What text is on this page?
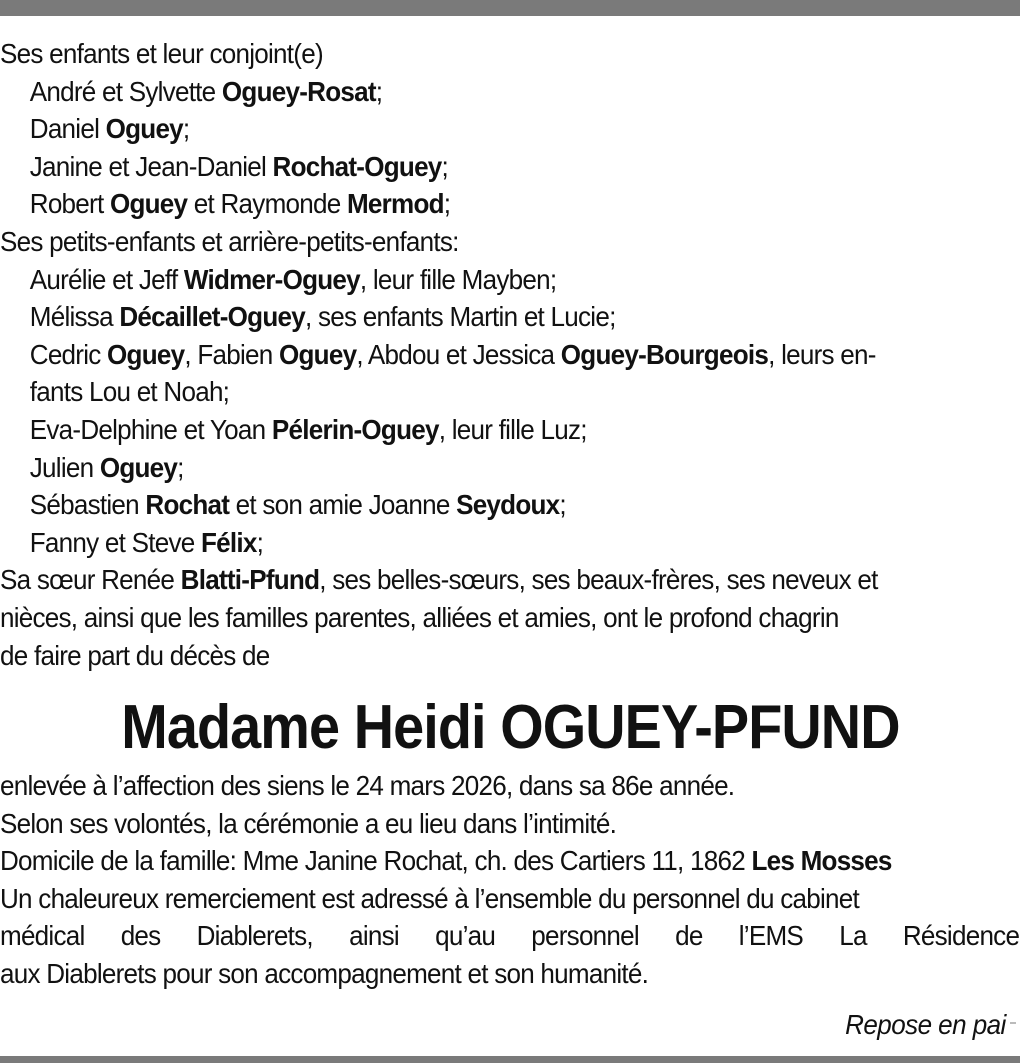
Ses enfants et leur conjoint(e)
André et Sylvette Oguey-Rosat;
Daniel Oguey;
Janine et Jean-Daniel Rochat-Oguey;
Robert Oguey et Raymonde Mermod;
Ses petits-enfants et arrière-petits-enfants:
Aurélie et Jeff Widmer-Oguey, leur fille Mayben;
Mélissa Décaillet-Oguey, ses enfants Martin et Lucie;
Cedric Oguey, Fabien Oguey, Abdou et Jessica Oguey-Bourgeois, leurs en-
fants Lou et Noah;
Eva-Delphine et Yoan Pélerin-Oguey, leur fille Luz;
Julien Oguey;
Sébastien Rochat et son amie Joanne Seydoux;
Fanny et Steve Félix;
Sa sœur Renée Blatti-Pfund, ses belles-sœurs, ses beaux-frères, ses neveux et
nièces, ainsi que les familles parentes, alliées et amies, ont le profond chagrin
de faire part du décès de
Madame Heidi OGUEY-PFUND
enlevée à l’affection des siens le 24 mars 2026, dans sa 86e année.
Selon ses volontés, la cérémonie a eu lieu dans l’intimité.
Domicile de la famille: Mme Janine Rochat, ch. des Cartiers 11, 1862 Les Mosses
Un chaleureux remerciement est adressé à l’ensemble du personnel du cabinet
médical des Diablerets, ainsi qu’au personnel de l’EMS La Résidence
aux Diablerets pour son accompagnement et son humanité.
Repose en pai
